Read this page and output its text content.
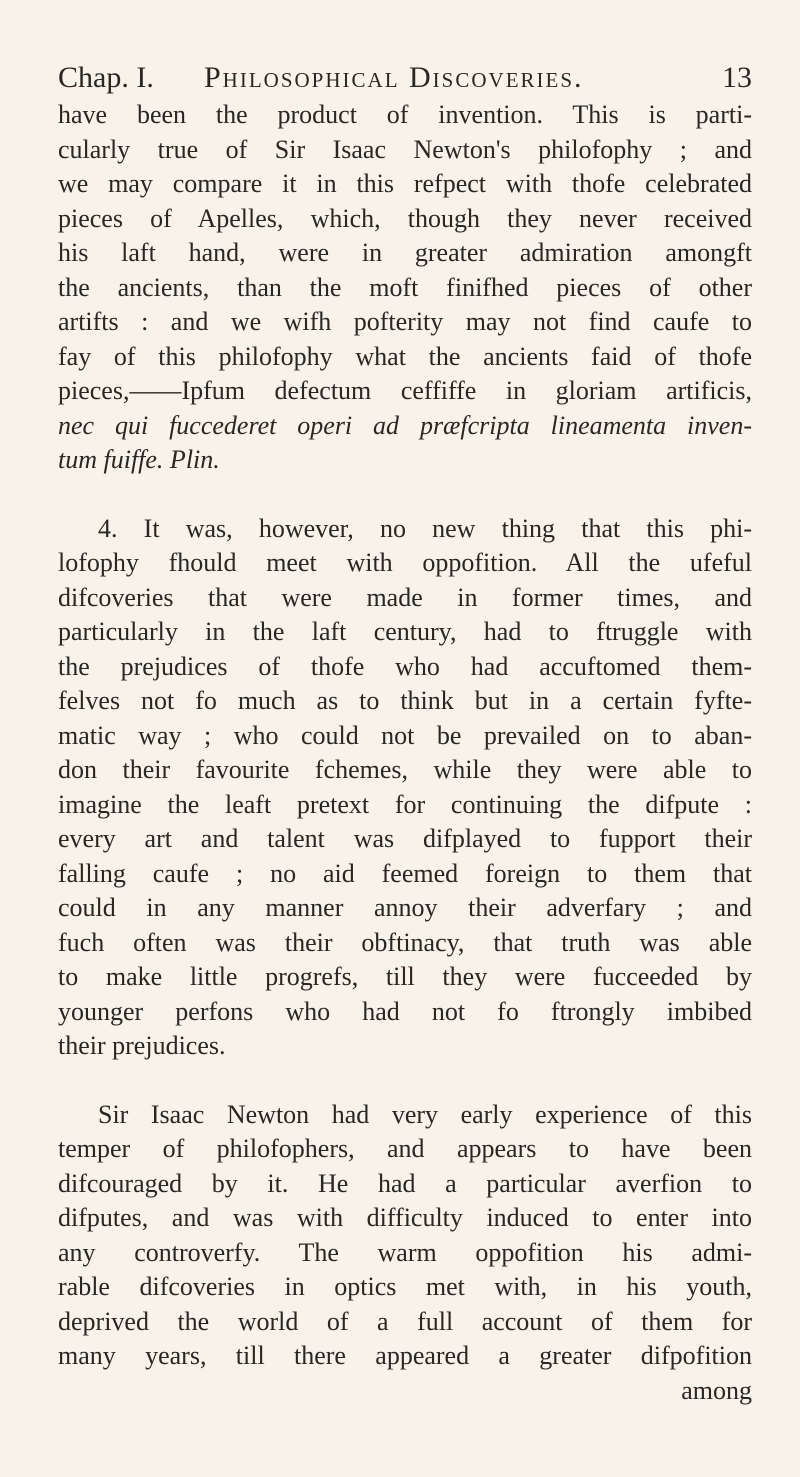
Chap. I. Philosophical Discoveries.	13
have been the product of invention. This is parti-
cularly true of Sir Isaac Newton's philofophy ; and
we may compare it in this refpect with thofe celebrated
pieces of Apelles, which, though they never received
his laft hand, were in greater admiration amongft
the ancients, than the moft finifhed pieces of other
artifts : and we wifh pofterity may not find caufe to
fay of this philofophy what the ancients faid of thofe
pieces,——Ipfum defectum ceffiffe in gloriam artificis,
nec qui fuccederet operi ad præfcripta lineamenta inven-
tum fuiffe. Plin.
4. It was, however, no new thing that this phi-
lofophy fhould meet with oppofition. All the ufeful
difcoveries that were made in former times, and
particularly in the laft century, had to ftruggle with
the prejudices of thofe who had accuftomed them-
felves not fo much as to think but in a certain fyfte-
matic way ; who could not be prevailed on to aban-
don their favourite fchemes, while they were able to
imagine the leaft pretext for continuing the difpute :
every art and talent was difplayed to fupport their
falling caufe ; no aid feemed foreign to them that
could in any manner annoy their adverfary ; and
fuch often was their obftinacy, that truth was able
to make little progrefs, till they were fucceeded by
younger perfons who had not fo ftrongly imbibed
their prejudices.
Sir Isaac Newton had very early experience of this
temper of philofophers, and appears to have been
difcouraged by it. He had a particular averfion to
difputes, and was with difficulty induced to enter into
any controverfy. The warm oppofition his admi-
rable difcoveries in optics met with, in his youth,
deprived the world of a full account of them for
many years, till there appeared a greater difpofition
among
